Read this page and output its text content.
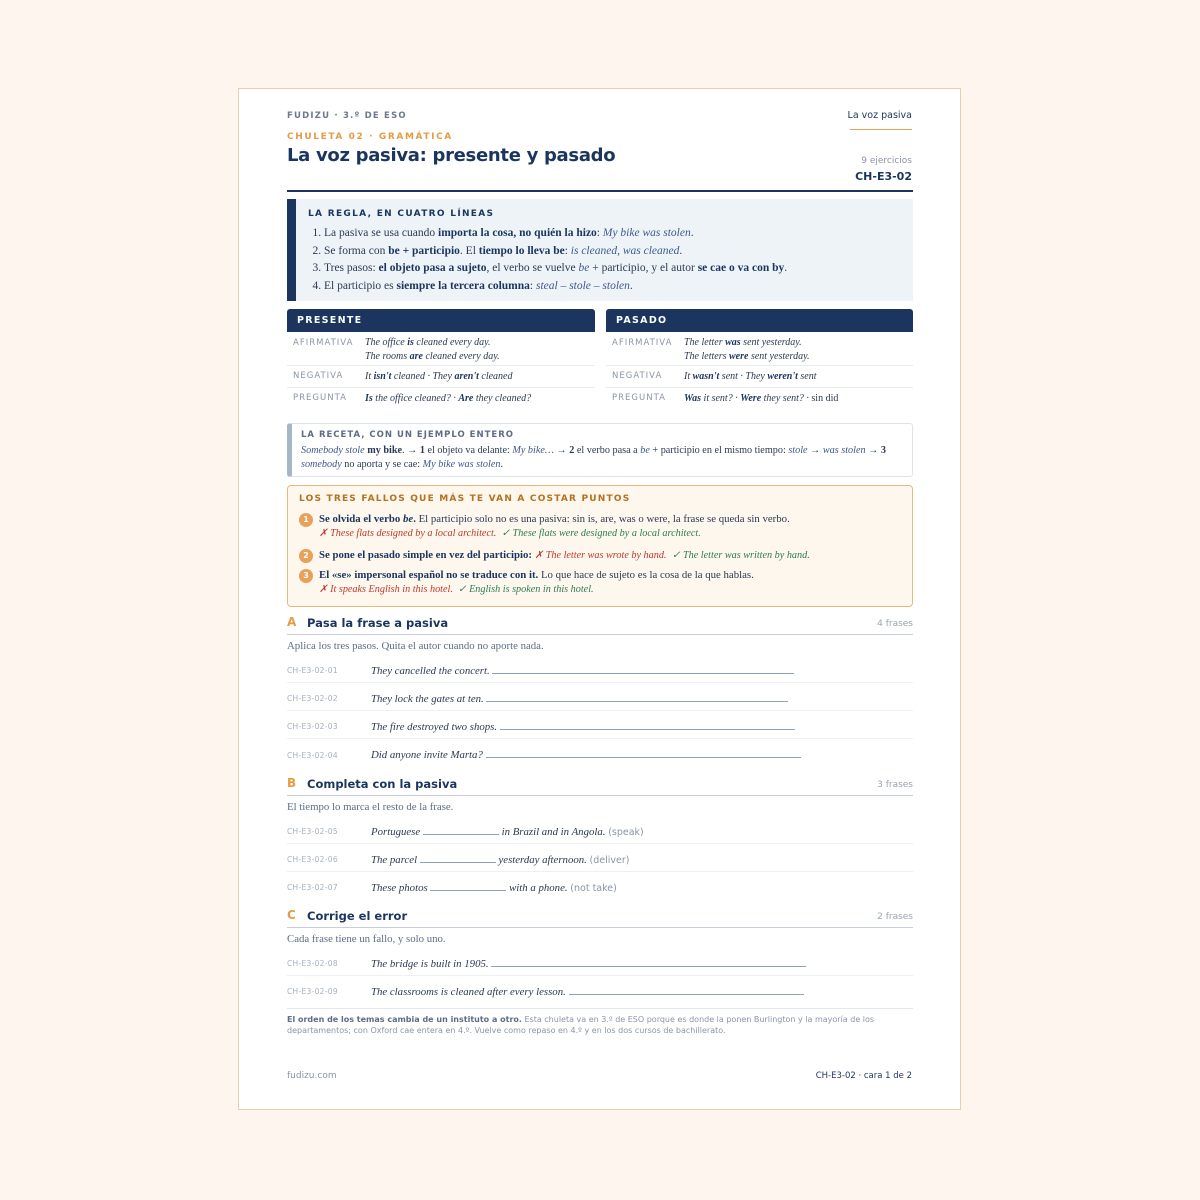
FUDIZU · 3.º DE ESO	La voz pasiva
CHULETA 02 · GRAMÁTICA
La voz pasiva: presente y pasado	9 ejercicios
CH-E3-02
LA REGLA, EN CUATRO LÍNEAS
1. La pasiva se usa cuando importa la cosa, no quién la hizo: My bike was stolen.
2. Se forma con be + participio. El tiempo lo lleva be: is cleaned, was cleaned.
3. Tres pasos: el objeto pasa a sujeto, el verbo se vuelve be + participio, y el autor se cae o va con by.
4. El participio es siempre la tercera columna: steal – stole – stolen.
PRESENTE
AFIRMATIVA The office is cleaned every day.
The rooms are cleaned every day.
NEGATIVA It isn't cleaned · They aren't cleaned
PREGUNTA Is the office cleaned? · Are they cleaned?
PASADO
AFIRMATIVA The letter was sent yesterday.
The letters were sent yesterday.
NEGATIVA It wasn't sent · They weren't sent
PREGUNTA Was it sent? · Were they sent? · sin did
LA RECETA, CON UN EJEMPLO ENTERO
Somebody stole my bike. → 1 el objeto va delante: My bike… → 2 el verbo pasa a be + participio en el mismo tiempo: stole → was stolen → 3 somebody no aporta y se cae: My bike was stolen.
LOS TRES FALLOS QUE MÁS TE VAN A COSTAR PUNTOS
1 Se olvida el verbo be. El participio solo no es una pasiva: sin is, are, was o were, la frase se queda sin verbo.
✗ These flats designed by a local architect. ✓ These flats were designed by a local architect.
2 Se pone el pasado simple en vez del participio: ✗ The letter was wrote by hand. ✓ The letter was written by hand.
3 El «se» impersonal español no se traduce con it. Lo que hace de sujeto es la cosa de la que hablas.
✗ It speaks English in this hotel. ✓ English is spoken in this hotel.
A Pasa la frase a pasiva	4 frases
Aplica los tres pasos. Quita el autor cuando no aporte nada.
CH-E3-02-01	They cancelled the concert.
CH-E3-02-02	They lock the gates at ten.
CH-E3-02-03	The fire destroyed two shops.
CH-E3-02-04	Did anyone invite Marta?
B Completa con la pasiva	3 frases
El tiempo lo marca el resto de la frase.
CH-E3-02-05	Portuguese	in Brazil and in Angola. (speak)
CH-E3-02-06	The parcel	yesterday afternoon. (deliver)
CH-E3-02-07	These photos	with a phone. (not take)
C Corrige el error	2 frases
Cada frase tiene un fallo, y solo uno.
CH-E3-02-08	The bridge is built in 1905.
CH-E3-02-09	The classrooms is cleaned after every lesson.
El orden de los temas cambia de un instituto a otro. Esta chuleta va en 3.º de ESO porque es donde la ponen Burlington y la mayoría de los departamentos; con Oxford cae entera en 4.º. Vuelve como repaso en 4.º y en los dos cursos de bachillerato.
fudizu.com	CH-E3-02 · cara 1 de 2
